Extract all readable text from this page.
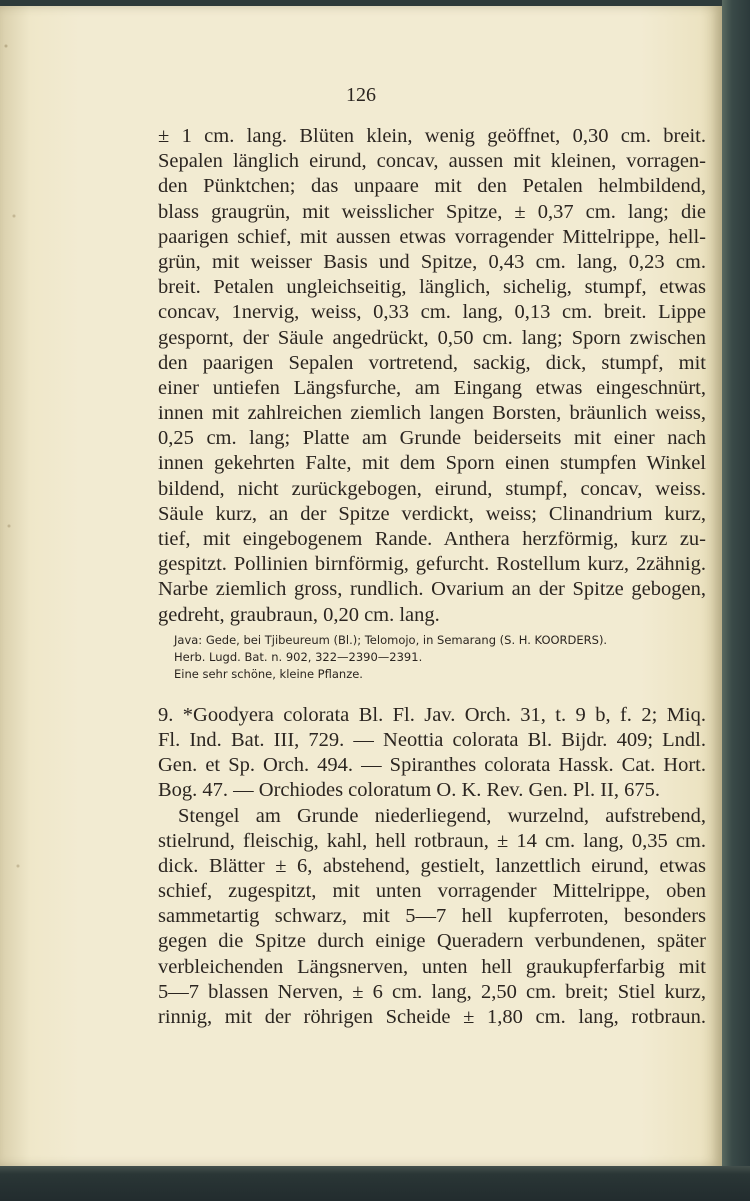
126
± 1 cm. lang. Blüten klein, wenig geöffnet, 0,30 cm. breit.
Sepalen länglich eirund, concav, aussen mit kleinen, vorragen-
den Pünktchen; das unpaare mit den Petalen helmbildend,
blass graugrün, mit weisslicher Spitze, ± 0,37 cm. lang; die
paarigen schief, mit aussen etwas vorragender Mittelrippe, hell-
grün, mit weisser Basis und Spitze, 0,43 cm. lang, 0,23 cm.
breit. Petalen ungleichseitig, länglich, sichelig, stumpf, etwas
concav, 1nervig, weiss, 0,33 cm. lang, 0,13 cm. breit. Lippe
gespornt, der Säule angedrückt, 0,50 cm. lang; Sporn zwischen
den paarigen Sepalen vortretend, sackig, dick, stumpf, mit
einer untiefen Längsfurche, am Eingang etwas eingeschnürt,
innen mit zahlreichen ziemlich langen Borsten, bräunlich weiss,
0,25 cm. lang; Platte am Grunde beiderseits mit einer nach
innen gekehrten Falte, mit dem Sporn einen stumpfen Winkel
bildend, nicht zurückgebogen, eirund, stumpf, concav, weiss.
Säule kurz, an der Spitze verdickt, weiss; Clinandrium kurz,
tief, mit eingebogenem Rande. Anthera herzförmig, kurz zu-
gespitzt. Pollinien birnförmig, gefurcht. Rostellum kurz, 2zähnig.
Narbe ziemlich gross, rundlich. Ovarium an der Spitze gebogen,
gedreht, graubraun, 0,20 cm. lang.
Java: Gede, bei Tjibeureum (Bl.); Telomojo, in Semarang (S. H. KOORDERS).
Herb. Lugd. Bat. n. 902, 322—2390—2391.
Eine sehr schöne, kleine Pflanze.
9. *Goodyera colorata Bl. Fl. Jav. Orch. 31, t. 9 b, f. 2; Miq.
Fl. Ind. Bat. III, 729. — Neottia colorata Bl. Bijdr. 409; Lndl.
Gen. et Sp. Orch. 494. — Spiranthes colorata Hassk. Cat. Hort.
Bog. 47. — Orchiodes coloratum O. K. Rev. Gen. Pl. II, 675.
Stengel am Grunde niederliegend, wurzelnd, aufstrebend,
stielrund, fleischig, kahl, hell rotbraun, ± 14 cm. lang, 0,35 cm.
dick. Blätter ± 6, abstehend, gestielt, lanzettlich eirund, etwas
schief, zugespitzt, mit unten vorragender Mittelrippe, oben
sammetartig schwarz, mit 5—7 hell kupferroten, besonders
gegen die Spitze durch einige Queradern verbundenen, später
verbleichenden Längsnerven, unten hell graukupferfarbig mit
5—7 blassen Nerven, ± 6 cm. lang, 2,50 cm. breit; Stiel kurz,
rinnig, mit der röhrigen Scheide ± 1,80 cm. lang, rotbraun.
